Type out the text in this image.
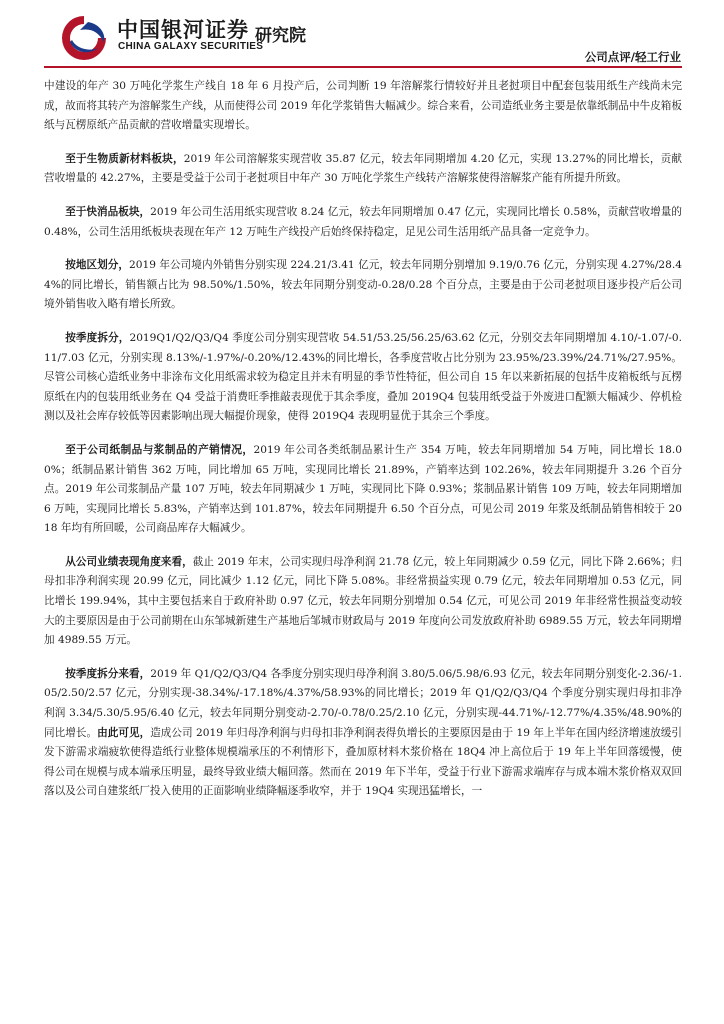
中国银河证券
CHINA GALAXY SECURITIES
研究院
公司点评/轻工行业

中建设的年产 30 万吨化学浆生产线自 18 年 6 月投产后，公司判断 19 年溶解浆行情较好并且老挝项目中配套包装用纸生产线尚未完成，故而将其转产为溶解浆生产线，从而使得公司 2019 年化学浆销售大幅减少。综合来看，公司造纸业务主要是依靠纸制品中牛皮箱板纸与瓦楞原纸产品贡献的营收增量实现增长。

至于生物质新材料板块，2019 年公司溶解浆实现营收 35.87 亿元，较去年同期增加 4.20 亿元，实现 13.27%的同比增长，贡献营收增量的 42.27%，主要是受益于公司于老挝项目中年产 30 万吨化学浆生产线转产溶解浆使得溶解浆产能有所提升所致。

至于快消品板块，2019 年公司生活用纸实现营收 8.24 亿元，较去年同期增加 0.47 亿元，实现同比增长 0.58%，贡献营收增量的 0.48%，公司生活用纸板块表现在年产 12 万吨生产线投产后始终保持稳定，足见公司生活用纸产品具备一定竞争力。

按地区划分，2019 年公司境内外销售分别实现 224.21/3.41 亿元，较去年同期分别增加 9.19/0.76 亿元，分别实现 4.27%/28.44%的同比增长，销售额占比为 98.50%/1.50%，较去年同期分别变动-0.28/0.28 个百分点，主要是由于公司老挝项目逐步投产后公司境外销售收入略有增长所致。

按季度拆分，2019Q1/Q2/Q3/Q4 季度公司分别实现营收 54.51/53.25/56.25/63.62 亿元，分别交去年同期增加 4.10/-1.07/-0.11/7.03 亿元，分别实现 8.13%/-1.97%/-0.20%/12.43%的同比增长，各季度营收占比分别为 23.95%/23.39%/24.71%/27.95%。尽管公司核心造纸业务中非涂布文化用纸需求较为稳定且并未有明显的季节性特征，但公司自 15 年以来新拓展的包括牛皮箱板纸与瓦楞原纸在内的包装用纸业务在 Q4 受益于消费旺季推敲表现优于其余季度，叠加 2019Q4 包装用纸受益于外废进口配额大幅减少、停机检测以及社会库存较低等因素影响出现大幅提价现象，使得 2019Q4 表现明显优于其余三个季度。

至于公司纸制品与浆制品的产销情况，2019 年公司各类纸制品累计生产 354 万吨，较去年同期增加 54 万吨，同比增长 18.00%；纸制品累计销售 362 万吨，同比增加 65 万吨，实现同比增长 21.89%，产销率达到 102.26%，较去年同期提升 3.26 个百分点。2019 年公司浆制品产量 107 万吨，较去年同期减少 1 万吨，实现同比下降 0.93%；浆制品累计销售 109 万吨，较去年同期增加 6 万吨，实现同比增长 5.83%，产销率达到 101.87%，较去年同期提升 6.50 个百分点，可见公司 2019 年浆及纸制品销售相较于 2018 年均有所回暖，公司商品库存大幅减少。

从公司业绩表现角度来看，截止 2019 年末，公司实现归母净利润 21.78 亿元，较上年同期减少 0.59 亿元，同比下降 2.66%；归母扣非净利润实现 20.99 亿元，同比减少 1.12 亿元，同比下降 5.08%。非经常损益实现 0.79 亿元，较去年同期增加 0.53 亿元，同比增长 199.94%，其中主要包括来自于政府补助 0.97 亿元，较去年同期分别增加 0.54 亿元，可见公司 2019 年非经常性损益变动较大的主要原因是由于公司前期在山东邹城新建生产基地后邹城市财政局与 2019 年度向公司发放政府补助 6989.55 万元，较去年同期增加 4989.55 万元。

按季度拆分来看，2019 年 Q1/Q2/Q3/Q4 各季度分别实现归母净利润 3.80/5.06/5.98/6.93 亿元，较去年同期分别变化-2.36/-1.05/2.50/2.57 亿元，分别实现-38.34%/-17.18%/4.37%/58.93%的同比增长；2019 年 Q1/Q2/Q3/Q4 个季度分别实现归母扣非净利润 3.34/5.30/5.95/6.40 亿元，较去年同期分别变动-2.70/-0.78/0.25/2.10 亿元，分别实现-44.71%/-12.77%/4.35%/48.90%的同比增长。由此可见，造成公司 2019 年归母净利润与归母扣非净利润表得负增长的主要原因是由于 19 年上半年在国内经济增速放缓引发下游需求端疲软使得造纸行业整体规模端承压的不利情形下，叠加原材料木浆价格在 18Q4 冲上高位后于 19 年上半年回落缓慢，使得公司在规模与成本端承压明显，最终导致业绩大幅回落。然而在 2019 年下半年，受益于行业下游需求端库存与成本端木浆价格双双回落以及公司自建浆纸厂投入使用的正面影响业绩降幅逐季收窄，并于 19Q4 实现迅猛增长，一
